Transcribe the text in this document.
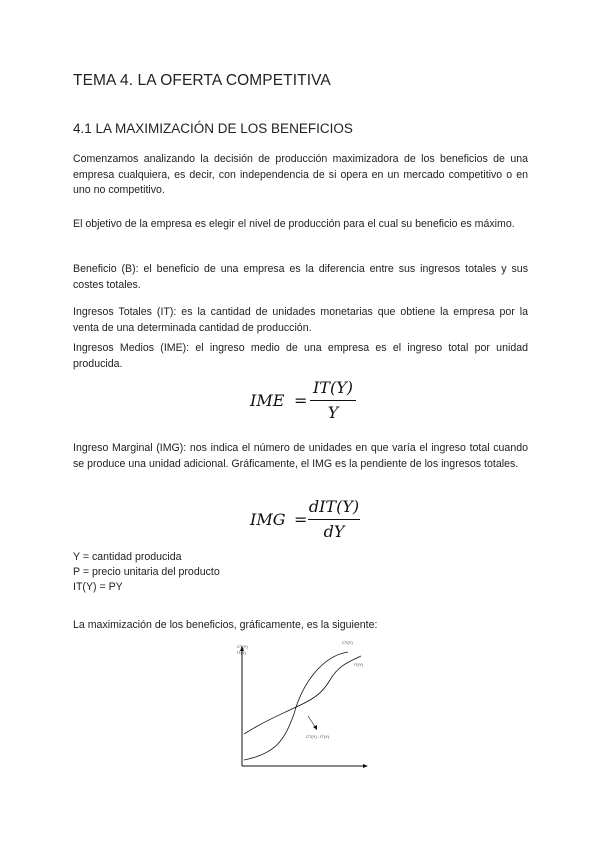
TEMA 4. LA OFERTA COMPETITIVA
4.1 LA MAXIMIZACIÓN DE LOS BENEFICIOS

Comenzamos analizando la decisión de producción maximizadora de los beneficios de una empresa cualquiera, es decir, con independencia de si opera en un mercado competitivo o en uno no competitivo.

El objetivo de la empresa es elegir el nivel de producción para el cual su beneficio es máximo.

Beneficio (B): el beneficio de una empresa es la diferencia entre sus ingresos totales y sus costes totales.

Ingresos Totales (IT): es la cantidad de unidades monetarias que obtiene la empresa por la venta de una determinada cantidad de producción.

Ingresos Medios (IME): el ingreso medio de una empresa es el ingreso total por unidad producida.

IME =
IT(Y)
Y

Ingreso Marginal (IMG): nos indica el número de unidades en que varía el ingreso total cuando se produce una unidad adicional. Gráficamente, el IMG es la pendiente de los ingresos totales.

IMG =
dIT(Y)
dY
Y = cantidad producida
P = precio unitaria del producto
IT(Y) = PY

La maximización de los beneficios, gráficamente, es la siguiente:

CT(Y)
IT(Y)
CT(Y)
IT(Y)
CT(Y) - IT(Y)
